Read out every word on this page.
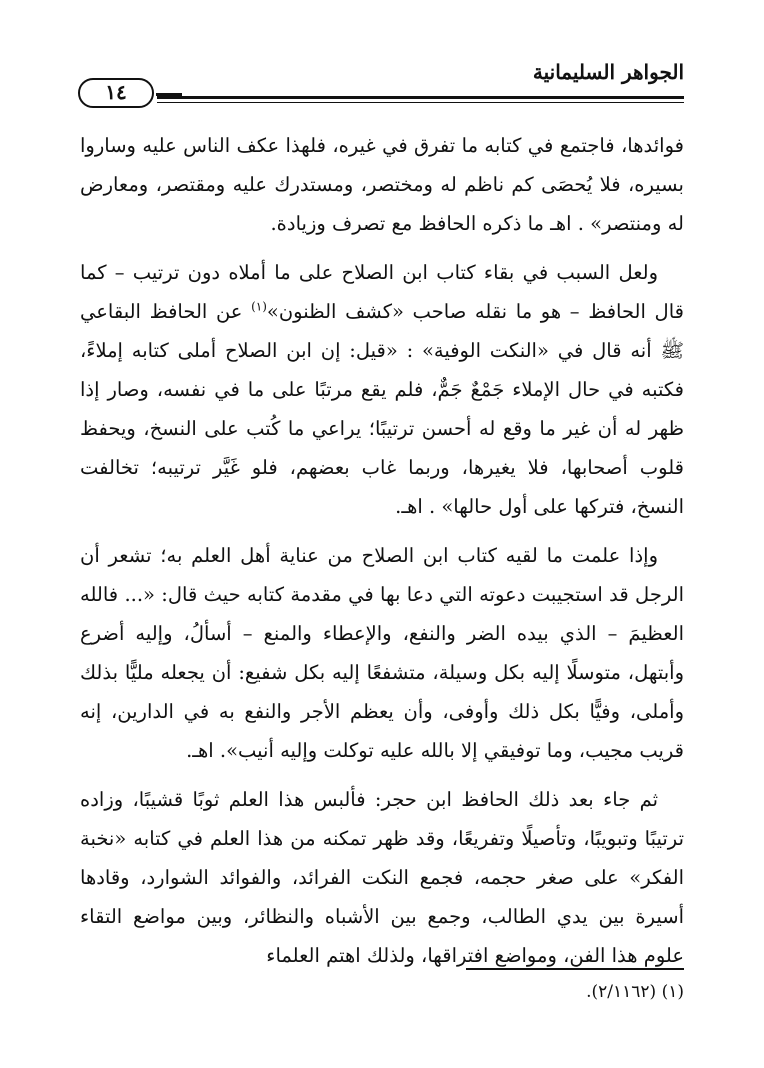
الجواهر السليمانية
١٤

فوائدها، فاجتمع في كتابه ما تفرق في غيره، فلهذا عكف الناس عليه وساروا بسيره، فلا يُحصَى كم ناظم له ومختصر، ومستدرك عليه ومقتصر، ومعارض له ومنتصر» . اهـ ما ذكره الحافظ مع تصرف وزيادة.

ولعل السبب في بقاء كتاب ابن الصلاح على ما أملاه دون ترتيب – كما قال الحافظ – هو ما نقله صاحب «كشف الظنون»$^{(١)}$ عن الحافظ البقاعي ﷺ أنه قال في «النكت الوفية» : «قيل: إن ابن الصلاح أملى كتابه إملاءً، فكتبه في حال الإملاء جَمْعٌ جَمٌّ، فلم يقع مرتبًا على ما في نفسه، وصار إذا ظهر له أن غير ما وقع له أحسن ترتيبًا؛ يراعي ما كُتب على النسخ، ويحفظ قلوب أصحابها، فلا يغيرها، وربما غاب بعضهم، فلو غَيَّر ترتيبه؛ تخالفت النسخ، فتركها على أول حالها» . اهـ.

وإذا علمت ما لقيه كتاب ابن الصلاح من عناية أهل العلم به؛ تشعر أن الرجل قد استجيبت دعوته التي دعا بها في مقدمة كتابه حيث قال: «... فالله العظيمَ – الذي بيده الضر والنفع، والإعطاء والمنع – أسألُ، وإليه أضرع وأبتهل، متوسلًا إليه بكل وسيلة، متشفعًا إليه بكل شفيع: أن يجعله مليًّا بذلك وأملى، وفيًّا بكل ذلك وأوفى، وأن يعظم الأجر والنفع به في الدارين، إنه قريب مجيب، وما توفيقي إلا بالله عليه توكلت وإليه أنيب». اهـ.

ثم جاء بعد ذلك الحافظ ابن حجر: فألبس هذا العلم ثوبًا قشيبًا، وزاده ترتيبًا وتبويبًا، وتأصيلًا وتفريعًا، وقد ظهر تمكنه من هذا العلم في كتابه «نخبة الفكر» على صغر حجمه، فجمع النكت الفرائد، والفوائد الشوارد، وقادها أسيرة بين يدي الطالب، وجمع بين الأشباه والنظائر، وبين مواضع التقاء علوم هذا الفن، ومواضع افتراقها، ولذلك اهتم العلماء

(١) (٢/١١٦٢).
